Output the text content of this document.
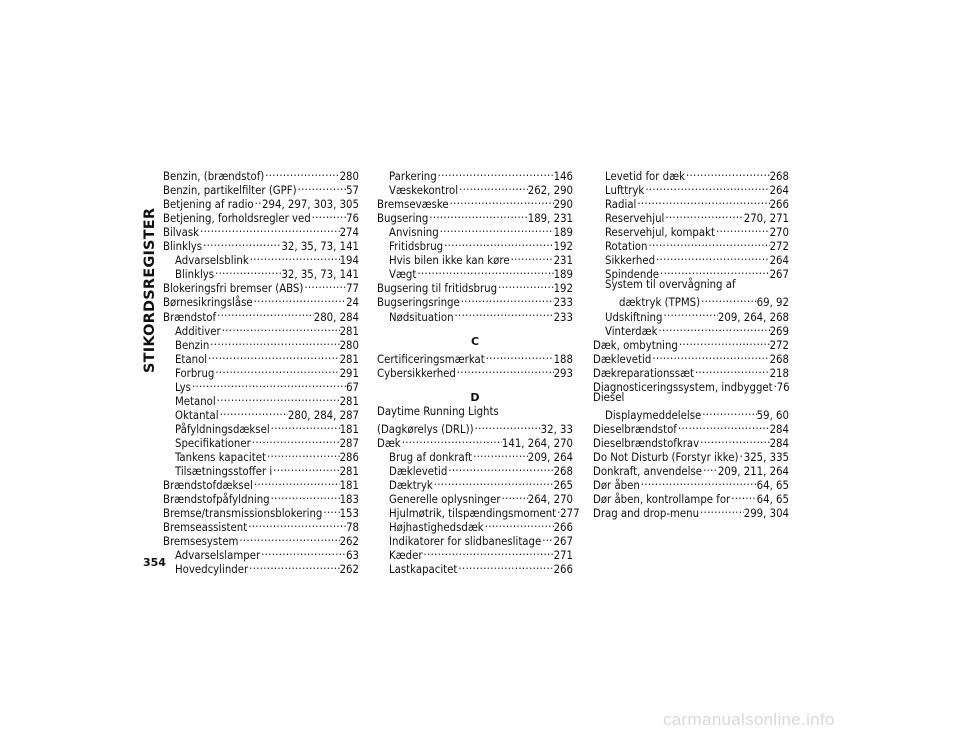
STIKORDSREGISTER
Benzin, (brændstof) .....	280
Benzin, partikelfilter (GPF) .....	57
Betjening af radio ..... 294, 297, 303, 305
Betjening, forholdsregler ved .....	76
Bilvask .....	274
Blinklys .....	32, 35, 73, 141
Advarselsblink .....	194
Blinklys .....	32, 35, 73, 141
Blokeringsfri bremser (ABS) .....	77
Børnesikringslåse .....	24
Brændstof .....	280, 284
Additiver .....	281
Benzin .....	280
Etanol .....	281
Forbrug .....	291
Lys .....	67
Metanol .....	281
Oktantal .....	280, 284, 287
Påfyldningsdæksel .....	181
Specifikationer .....	287
Tankens kapacitet .....	286
Tilsætningsstoffer i .....	281
Brændstofdæksel .....	181
Brændstofpåfyldning .....	183
Bremse/transmissionsblokering ..... 153
Bremseassistent .....	78
Bremsesystem .....	262
Advarselslamper .....	63
Hovedcylinder .....	262
Parkering .....	146
Væskekontrol .....	262, 290
Bremsevæske .....	290
Bugsering .....	189, 231
Anvisning .....	189
Fritidsbrug .....	192
Hvis bilen ikke kan køre .....	231
Vægt .....	189
Bugsering til fritidsbrug .....	192
Bugseringsringe .....	233
Nødsituation .....	233
C
Certificeringsmærkat .....	188
Cybersikkerhed .....	293
D
Daytime Running Lights
(Dagkørelys (DRL)) .....	32, 33
Dæk .....	141, 264, 270
Brug af donkraft .....	209, 264
Dæklevetid .....	268
Dæktryk .....	265
Generelle oplysninger ..... 264, 270
Hjulmøtrik, tilspændingsmoment ..... 277
Højhastighedsdæk .....	266
Indikatorer for slidbaneslitage ..... 267
Kæder .....	271
Lastkapacitet .....	266
Levetid for dæk .....	268
Lufttryk .....	264
Radial .....	266
Reservehjul .....	270, 271
Reservehjul, kompakt .....	270
Rotation .....	272
Sikkerhed .....	264
Spindende .....	267
System til overvågning af
dæktryk (TPMS) .....	69, 92
Udskiftning .....	209, 264, 268
Vinterdæk .....	269
Dæk, ombytning .....	272
Dæklevetid .....	268
Dækreparationssæt .....	218
Diagnosticeringssystem, indbygget ..... 76
Diesel
Displaymeddelelse .....	59, 60
Dieselbrændstof .....	284
Dieselbrændstofkrav .....	284
Do Not Disturb (Forstyr ikke) ..... 325, 335
Donkraft, anvendelse ..... 209, 211, 264
Dør åben .....	64, 65
Dør åben, kontrollampe for ..... 64, 65
Drag and drop-menu .....	299, 304
354
carmanualsonline.info
